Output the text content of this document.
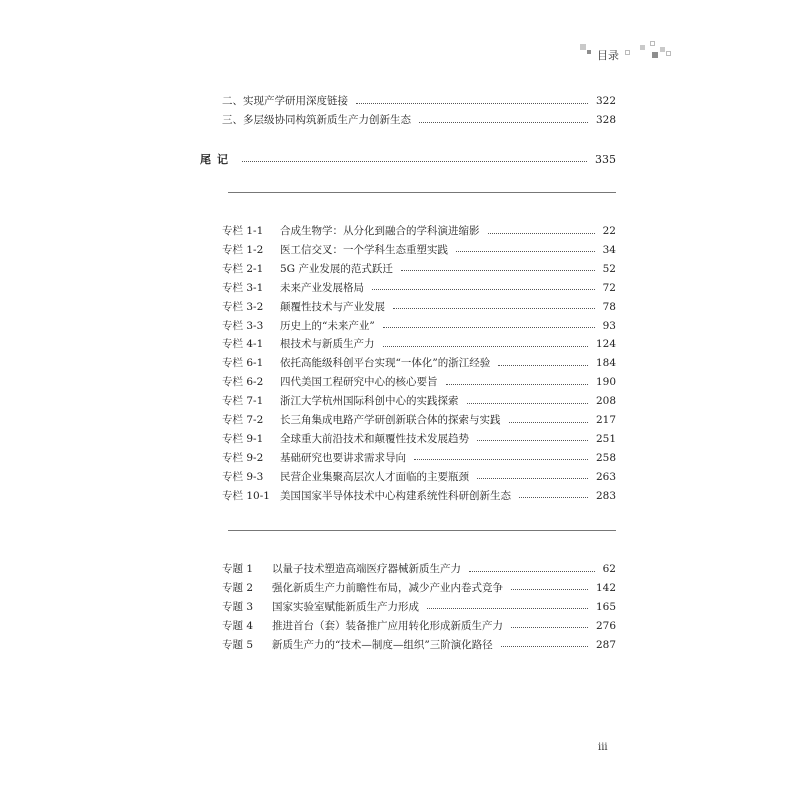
目录
二、实现产学研用深度链接	322
三、多层级协同构筑新质生产力创新生态	328
尾记	335
专栏 1-1	合成生物学：从分化到融合的学科演进缩影	22
专栏 1-2	医工信交叉：一个学科生态重塑实践	34
专栏 2-1	5G 产业发展的范式跃迁	52
专栏 3-1	未来产业发展格局	72
专栏 3-2	颠覆性技术与产业发展	78
专栏 3-3	历史上的“未来产业”	93
专栏 4-1	根技术与新质生产力	124
专栏 6-1	依托高能级科创平台实现“一体化”的浙江经验	184
专栏 6-2	四代美国工程研究中心的核心要旨	190
专栏 7-1	浙江大学杭州国际科创中心的实践探索	208
专栏 7-2	长三角集成电路产学研创新联合体的探索与实践	217
专栏 9-1	全球重大前沿技术和颠覆性技术发展趋势	251
专栏 9-2	基础研究也要讲求需求导向	258
专栏 9-3	民营企业集聚高层次人才面临的主要瓶颈	263
专栏 10-1 美国国家半导体技术中心构建系统性科研创新生态	283
专题 1	以量子技术塑造高端医疗器械新质生产力	62
专题 2	强化新质生产力前瞻性布局，减少产业内卷式竞争	142
专题 3	国家实验室赋能新质生产力形成	165
专题 4	推进首台（套）装备推广应用转化形成新质生产力	276
专题 5	新质生产力的“技术—制度—组织”三阶演化路径	287
iii
